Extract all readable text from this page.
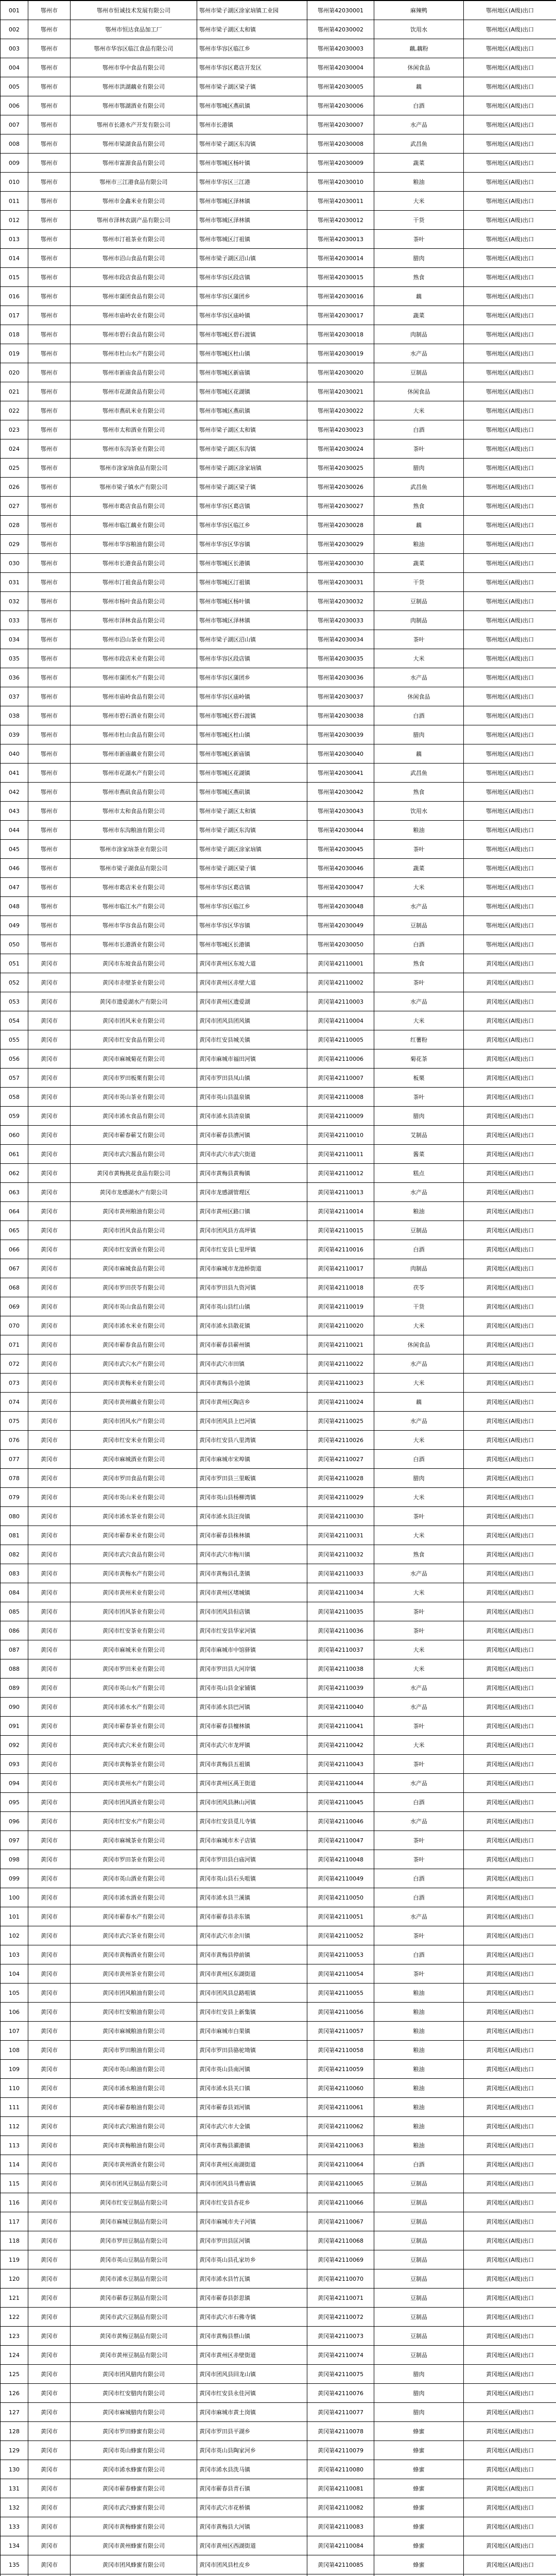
001	鄂州市	鄂州市恒诚技术发展有限公司	鄂州市梁子湖区涂家垴镇工业园	鄂州第42030001	麻辣鸭	鄂州地区(A级)出口
002	鄂州市	鄂州市恒达食品加工厂	鄂州市梁子湖区太和镇	鄂州第42030002	饮用水	鄂州地区(A级)出口
003	鄂州市	鄂州市华容区临江食品有限公司	鄂州市华容区临江乡	鄂州第42030003	藕,藕粉	鄂州地区(A级)出口
004	鄂州市	鄂州市华中食品有限公司	鄂州市华容区葛店开发区	鄂州第42030004	休闲食品	鄂州地区(A级)出口
005	鄂州市	鄂州市洪湖藕业有限公司	鄂州市梁子湖区梁子镇	鄂州第42030005	藕	鄂州地区(A级)出口
006	鄂州市	鄂州市鄂湖酒业有限公司	鄂州市鄂城区燕矶镇	鄂州第42030006	白酒	鄂州地区(A级)出口
007	鄂州市	鄂州市长港水产开发有限公司	鄂州市长港镇	鄂州第42030007	水产品	鄂州地区(A级)出口
008	鄂州市	鄂州市梁湖食品有限公司	鄂州市梁子湖区东沟镇	鄂州第42030008	武昌鱼	鄂州地区(A级)出口
009	鄂州市	鄂州市富源食品有限公司	鄂州市鄂城区杨叶镇	鄂州第42030009	蔬菜	鄂州地区(A级)出口
010	鄂州市	鄂州市三江港食品有限公司	鄂州市华容区三江港	鄂州第42030010	粮油	鄂州地区(A级)出口
011	鄂州市	鄂州市金鑫米业有限公司	鄂州市鄂城区泽林镇	鄂州第42030011	大米	鄂州地区(A级)出口
012	鄂州市	鄂州市泽林农副产品有限公司	鄂州市鄂城区泽林镇	鄂州第42030012	干货	鄂州地区(A级)出口
013	鄂州市	鄂州市汀祖茶业有限公司	鄂州市鄂城区汀祖镇	鄂州第42030013	茶叶	鄂州地区(A级)出口
014	鄂州市	鄂州市沼山食品有限公司	鄂州市梁子湖区沼山镇	鄂州第42030014	腊肉	鄂州地区(A级)出口
015	鄂州市	鄂州市段店食品有限公司	鄂州市华容区段店镇	鄂州第42030015	熟食	鄂州地区(A级)出口
016	鄂州市	鄂州市蒲团食品有限公司	鄂州市华容区蒲团乡	鄂州第42030016	藕	鄂州地区(A级)出口
017	鄂州市	鄂州市庙岭农业有限公司	鄂州市华容区庙岭镇	鄂州第42030017	蔬菜	鄂州地区(A级)出口
018	鄂州市	鄂州市碧石食品有限公司	鄂州市鄂城区碧石渡镇	鄂州第42030018	肉制品	鄂州地区(A级)出口
019	鄂州市	鄂州市杜山水产有限公司	鄂州市鄂城区杜山镇	鄂州第42030019	水产品	鄂州地区(A级)出口
020	鄂州市	鄂州市新庙食品有限公司	鄂州市鄂城区新庙镇	鄂州第42030020	豆制品	鄂州地区(A级)出口
021	鄂州市	鄂州市花湖食品有限公司	鄂州市鄂城区花湖镇	鄂州第42030021	休闲食品	鄂州地区(A级)出口
022	鄂州市	鄂州市燕矶米业有限公司	鄂州市鄂城区燕矶镇	鄂州第42030022	大米	鄂州地区(A级)出口
023	鄂州市	鄂州市太和酒业有限公司	鄂州市梁子湖区太和镇	鄂州第42030023	白酒	鄂州地区(A级)出口
024	鄂州市	鄂州市东沟茶业有限公司	鄂州市梁子湖区东沟镇	鄂州第42030024	茶叶	鄂州地区(A级)出口
025	鄂州市	鄂州市涂家垴食品有限公司	鄂州市梁子湖区涂家垴镇	鄂州第42030025	腊肉	鄂州地区(A级)出口
026	鄂州市	鄂州市梁子镇水产有限公司	鄂州市梁子湖区梁子镇	鄂州第42030026	武昌鱼	鄂州地区(A级)出口
027	鄂州市	鄂州市葛店食品有限公司	鄂州市华容区葛店镇	鄂州第42030027	熟食	鄂州地区(A级)出口
028	鄂州市	鄂州市临江藕业有限公司	鄂州市华容区临江乡	鄂州第42030028	藕	鄂州地区(A级)出口
029	鄂州市	鄂州市华容粮油有限公司	鄂州市华容区华容镇	鄂州第42030029	粮油	鄂州地区(A级)出口
030	鄂州市	鄂州市长港食品有限公司	鄂州市鄂城区长港镇	鄂州第42030030	蔬菜	鄂州地区(A级)出口
031	鄂州市	鄂州市汀祖食品有限公司	鄂州市鄂城区汀祖镇	鄂州第42030031	干货	鄂州地区(A级)出口
032	鄂州市	鄂州市杨叶食品有限公司	鄂州市鄂城区杨叶镇	鄂州第42030032	豆制品	鄂州地区(A级)出口
033	鄂州市	鄂州市泽林食品有限公司	鄂州市鄂城区泽林镇	鄂州第42030033	肉制品	鄂州地区(A级)出口
034	鄂州市	鄂州市沼山茶业有限公司	鄂州市梁子湖区沼山镇	鄂州第42030034	茶叶	鄂州地区(A级)出口
035	鄂州市	鄂州市段店米业有限公司	鄂州市华容区段店镇	鄂州第42030035	大米	鄂州地区(A级)出口
036	鄂州市	鄂州市蒲团水产有限公司	鄂州市华容区蒲团乡	鄂州第42030036	水产品	鄂州地区(A级)出口
037	鄂州市	鄂州市庙岭食品有限公司	鄂州市华容区庙岭镇	鄂州第42030037	休闲食品	鄂州地区(A级)出口
038	鄂州市	鄂州市碧石酒业有限公司	鄂州市鄂城区碧石渡镇	鄂州第42030038	白酒	鄂州地区(A级)出口
039	鄂州市	鄂州市杜山食品有限公司	鄂州市鄂城区杜山镇	鄂州第42030039	腊肉	鄂州地区(A级)出口
040	鄂州市	鄂州市新庙藕业有限公司	鄂州市鄂城区新庙镇	鄂州第42030040	藕	鄂州地区(A级)出口
041	鄂州市	鄂州市花湖水产有限公司	鄂州市鄂城区花湖镇	鄂州第42030041	武昌鱼	鄂州地区(A级)出口
042	鄂州市	鄂州市燕矶食品有限公司	鄂州市鄂城区燕矶镇	鄂州第42030042	熟食	鄂州地区(A级)出口
043	鄂州市	鄂州市太和食品有限公司	鄂州市梁子湖区太和镇	鄂州第42030043	饮用水	鄂州地区(A级)出口
044	鄂州市	鄂州市东沟粮油有限公司	鄂州市梁子湖区东沟镇	鄂州第42030044	粮油	鄂州地区(A级)出口
045	鄂州市	鄂州市涂家垴茶业有限公司	鄂州市梁子湖区涂家垴镇	鄂州第42030045	茶叶	鄂州地区(A级)出口
046	鄂州市	鄂州市梁子湖食品有限公司	鄂州市梁子湖区梁子镇	鄂州第42030046	蔬菜	鄂州地区(A级)出口
047	鄂州市	鄂州市葛店米业有限公司	鄂州市华容区葛店镇	鄂州第42030047	大米	鄂州地区(A级)出口
048	鄂州市	鄂州市临江水产有限公司	鄂州市华容区临江乡	鄂州第42030048	水产品	鄂州地区(A级)出口
049	鄂州市	鄂州市华容食品有限公司	鄂州市华容区华容镇	鄂州第42030049	豆制品	鄂州地区(A级)出口
050	鄂州市	鄂州市长港酒业有限公司	鄂州市鄂城区长港镇	鄂州第42030050	白酒	鄂州地区(A级)出口
051	黄冈市	黄冈市东坡食品有限公司	黄冈市黄州区东坡大道	黄冈第42110001	熟食	黄冈地区(A级)出口
052	黄冈市	黄冈市赤壁茶业有限公司	黄冈市黄州区赤壁大道	黄冈第42110002	茶叶	黄冈地区(A级)出口
053	黄冈市	黄冈市遗爱湖水产有限公司	黄冈市黄州区遗爱湖	黄冈第42110003	水产品	黄冈地区(A级)出口
054	黄冈市	黄冈市团风米业有限公司	黄冈市团风县团风镇	黄冈第42110004	大米	黄冈地区(A级)出口
055	黄冈市	黄冈市红安食品有限公司	黄冈市红安县城关镇	黄冈第42110005	红薯粉	黄冈地区(A级)出口
056	黄冈市	黄冈市麻城菊花有限公司	黄冈市麻城市福田河镇	黄冈第42110006	菊花茶	黄冈地区(A级)出口
057	黄冈市	黄冈市罗田板栗有限公司	黄冈市罗田县凤山镇	黄冈第42110007	板栗	黄冈地区(A级)出口
058	黄冈市	黄冈市英山茶业有限公司	黄冈市英山县温泉镇	黄冈第42110008	茶叶	黄冈地区(A级)出口
059	黄冈市	黄冈市浠水食品有限公司	黄冈市浠水县清泉镇	黄冈第42110009	腊肉	黄冈地区(A级)出口
060	黄冈市	黄冈市蕲春蕲艾有限公司	黄冈市蕲春县漕河镇	黄冈第42110010	艾制品	黄冈地区(A级)出口
061	黄冈市	黄冈市武穴酱品有限公司	黄冈市武穴市武穴街道	黄冈第42110011	酱菜	黄冈地区(A级)出口
062	黄冈市	黄冈市黄梅挑花食品有限公司	黄冈市黄梅县黄梅镇	黄冈第42110012	糕点	黄冈地区(A级)出口
063	黄冈市	黄冈市龙感湖水产有限公司	黄冈市龙感湖管理区	黄冈第42110013	水产品	黄冈地区(A级)出口
064	黄冈市	黄冈市黄州粮油有限公司	黄冈市黄州区路口镇	黄冈第42110014	粮油	黄冈地区(A级)出口
065	黄冈市	黄冈市团风食品有限公司	黄冈市团风县方高坪镇	黄冈第42110015	豆制品	黄冈地区(A级)出口
066	黄冈市	黄冈市红安酒业有限公司	黄冈市红安县七里坪镇	黄冈第42110016	白酒	黄冈地区(A级)出口
067	黄冈市	黄冈市麻城食品有限公司	黄冈市麻城市龙池桥街道	黄冈第42110017	肉制品	黄冈地区(A级)出口
068	黄冈市	黄冈市罗田茯苓有限公司	黄冈市罗田县九资河镇	黄冈第42110018	茯苓	黄冈地区(A级)出口
069	黄冈市	黄冈市英山食品有限公司	黄冈市英山县红山镇	黄冈第42110019	干货	黄冈地区(A级)出口
070	黄冈市	黄冈市浠水米业有限公司	黄冈市浠水县散花镇	黄冈第42110020	大米	黄冈地区(A级)出口
071	黄冈市	黄冈市蕲春食品有限公司	黄冈市蕲春县蕲州镇	黄冈第42110021	休闲食品	黄冈地区(A级)出口
072	黄冈市	黄冈市武穴水产有限公司	黄冈市武穴市田镇	黄冈第42110022	水产品	黄冈地区(A级)出口
073	黄冈市	黄冈市黄梅米业有限公司	黄冈市黄梅县小池镇	黄冈第42110023	大米	黄冈地区(A级)出口
074	黄冈市	黄冈市黄州藕业有限公司	黄冈市黄州区陶店乡	黄冈第42110024	藕	黄冈地区(A级)出口
075	黄冈市	黄冈市团风水产有限公司	黄冈市团风县上巴河镇	黄冈第42110025	水产品	黄冈地区(A级)出口
076	黄冈市	黄冈市红安米业有限公司	黄冈市红安县八里湾镇	黄冈第42110026	大米	黄冈地区(A级)出口
077	黄冈市	黄冈市麻城酒业有限公司	黄冈市麻城市宋埠镇	黄冈第42110027	白酒	黄冈地区(A级)出口
078	黄冈市	黄冈市罗田食品有限公司	黄冈市罗田县三里畈镇	黄冈第42110028	腊肉	黄冈地区(A级)出口
079	黄冈市	黄冈市英山米业有限公司	黄冈市英山县杨柳湾镇	黄冈第42110029	大米	黄冈地区(A级)出口
080	黄冈市	黄冈市浠水茶业有限公司	黄冈市浠水县汪岗镇	黄冈第42110030	茶叶	黄冈地区(A级)出口
081	黄冈市	黄冈市蕲春米业有限公司	黄冈市蕲春县株林镇	黄冈第42110031	大米	黄冈地区(A级)出口
082	黄冈市	黄冈市武穴食品有限公司	黄冈市武穴市梅川镇	黄冈第42110032	熟食	黄冈地区(A级)出口
083	黄冈市	黄冈市黄梅水产有限公司	黄冈市黄梅县孔垄镇	黄冈第42110033	水产品	黄冈地区(A级)出口
084	黄冈市	黄冈市黄州米业有限公司	黄冈市黄州区堵城镇	黄冈第42110034	大米	黄冈地区(A级)出口
085	黄冈市	黄冈市团风茶业有限公司	黄冈市团风县但店镇	黄冈第42110035	茶叶	黄冈地区(A级)出口
086	黄冈市	黄冈市红安茶业有限公司	黄冈市红安县华家河镇	黄冈第42110036	茶叶	黄冈地区(A级)出口
087	黄冈市	黄冈市麻城米业有限公司	黄冈市麻城市中馆驿镇	黄冈第42110037	大米	黄冈地区(A级)出口
088	黄冈市	黄冈市罗田米业有限公司	黄冈市罗田县大河岸镇	黄冈第42110038	大米	黄冈地区(A级)出口
089	黄冈市	黄冈市英山水产有限公司	黄冈市英山县金家铺镇	黄冈第42110039	水产品	黄冈地区(A级)出口
090	黄冈市	黄冈市浠水水产有限公司	黄冈市浠水县巴河镇	黄冈第42110040	水产品	黄冈地区(A级)出口
091	黄冈市	黄冈市蕲春茶业有限公司	黄冈市蕲春县檀林镇	黄冈第42110041	茶叶	黄冈地区(A级)出口
092	黄冈市	黄冈市武穴米业有限公司	黄冈市武穴市龙坪镇	黄冈第42110042	大米	黄冈地区(A级)出口
093	黄冈市	黄冈市黄梅茶业有限公司	黄冈市黄梅县五祖镇	黄冈第42110043	茶叶	黄冈地区(A级)出口
094	黄冈市	黄冈市黄州水产有限公司	黄冈市黄州区禹王街道	黄冈第42110044	水产品	黄冈地区(A级)出口
095	黄冈市	黄冈市团风酒业有限公司	黄冈市团风县淋山河镇	黄冈第42110045	白酒	黄冈地区(A级)出口
096	黄冈市	黄冈市红安水产有限公司	黄冈市红安县觅儿寺镇	黄冈第42110046	水产品	黄冈地区(A级)出口
097	黄冈市	黄冈市麻城茶业有限公司	黄冈市麻城市木子店镇	黄冈第42110047	茶叶	黄冈地区(A级)出口
098	黄冈市	黄冈市罗田茶业有限公司	黄冈市罗田县白庙河镇	黄冈第42110048	茶叶	黄冈地区(A级)出口
099	黄冈市	黄冈市英山酒业有限公司	黄冈市英山县石头咀镇	黄冈第42110049	白酒	黄冈地区(A级)出口
100	黄冈市	黄冈市浠水酒业有限公司	黄冈市浠水县兰溪镇	黄冈第42110050	白酒	黄冈地区(A级)出口
101	黄冈市	黄冈市蕲春水产有限公司	黄冈市蕲春县赤东镇	黄冈第42110051	水产品	黄冈地区(A级)出口
102	黄冈市	黄冈市武穴茶业有限公司	黄冈市武穴市余川镇	黄冈第42110052	茶叶	黄冈地区(A级)出口
103	黄冈市	黄冈市黄梅酒业有限公司	黄冈市黄梅县停前镇	黄冈第42110053	白酒	黄冈地区(A级)出口
104	黄冈市	黄冈市黄州茶业有限公司	黄冈市黄州区东湖街道	黄冈第42110054	茶叶	黄冈地区(A级)出口
105	黄冈市	黄冈市团风粮油有限公司	黄冈市团风县总路咀镇	黄冈第42110055	粮油	黄冈地区(A级)出口
106	黄冈市	黄冈市红安粮油有限公司	黄冈市红安县上新集镇	黄冈第42110056	粮油	黄冈地区(A级)出口
107	黄冈市	黄冈市麻城粮油有限公司	黄冈市麻城市白果镇	黄冈第42110057	粮油	黄冈地区(A级)出口
108	黄冈市	黄冈市罗田粮油有限公司	黄冈市罗田县骆驼坳镇	黄冈第42110058	粮油	黄冈地区(A级)出口
109	黄冈市	黄冈市英山粮油有限公司	黄冈市英山县南河镇	黄冈第42110059	粮油	黄冈地区(A级)出口
110	黄冈市	黄冈市浠水粮油有限公司	黄冈市浠水县关口镇	黄冈第42110060	粮油	黄冈地区(A级)出口
111	黄冈市	黄冈市蕲春粮油有限公司	黄冈市蕲春县刘河镇	黄冈第42110061	粮油	黄冈地区(A级)出口
112	黄冈市	黄冈市武穴粮油有限公司	黄冈市武穴市大金镇	黄冈第42110062	粮油	黄冈地区(A级)出口
113	黄冈市	黄冈市黄梅粮油有限公司	黄冈市黄梅县濯港镇	黄冈第42110063	粮油	黄冈地区(A级)出口
114	黄冈市	黄冈市黄州酒业有限公司	黄冈市黄州区南湖街道	黄冈第42110064	白酒	黄冈地区(A级)出口
115	黄冈市	黄冈市团风豆制品有限公司	黄冈市团风县马曹庙镇	黄冈第42110065	豆制品	黄冈地区(A级)出口
116	黄冈市	黄冈市红安豆制品有限公司	黄冈市红安县杏花乡	黄冈第42110066	豆制品	黄冈地区(A级)出口
117	黄冈市	黄冈市麻城豆制品有限公司	黄冈市麻城市夫子河镇	黄冈第42110067	豆制品	黄冈地区(A级)出口
118	黄冈市	黄冈市罗田豆制品有限公司	黄冈市罗田县匡河镇	黄冈第42110068	豆制品	黄冈地区(A级)出口
119	黄冈市	黄冈市英山豆制品有限公司	黄冈市英山县孔家坊乡	黄冈第42110069	豆制品	黄冈地区(A级)出口
120	黄冈市	黄冈市浠水豆制品有限公司	黄冈市浠水县竹瓦镇	黄冈第42110070	豆制品	黄冈地区(A级)出口
121	黄冈市	黄冈市蕲春豆制品有限公司	黄冈市蕲春县彭思镇	黄冈第42110071	豆制品	黄冈地区(A级)出口
122	黄冈市	黄冈市武穴豆制品有限公司	黄冈市武穴市石佛寺镇	黄冈第42110072	豆制品	黄冈地区(A级)出口
123	黄冈市	黄冈市黄梅豆制品有限公司	黄冈市黄梅县蔡山镇	黄冈第42110073	豆制品	黄冈地区(A级)出口
124	黄冈市	黄冈市黄州豆制品有限公司	黄冈市黄州区赤壁街道	黄冈第42110074	豆制品	黄冈地区(A级)出口
125	黄冈市	黄冈市团风腊肉有限公司	黄冈市团风县回龙山镇	黄冈第42110075	腊肉	黄冈地区(A级)出口
126	黄冈市	黄冈市红安腊肉有限公司	黄冈市红安县永佳河镇	黄冈第42110076	腊肉	黄冈地区(A级)出口
127	黄冈市	黄冈市麻城腊肉有限公司	黄冈市麻城市黄土岗镇	黄冈第42110077	腊肉	黄冈地区(A级)出口
128	黄冈市	黄冈市罗田蜂蜜有限公司	黄冈市罗田县平湖乡	黄冈第42110078	蜂蜜	黄冈地区(A级)出口
129	黄冈市	黄冈市英山蜂蜜有限公司	黄冈市英山县陶家河乡	黄冈第42110079	蜂蜜	黄冈地区(A级)出口
130	黄冈市	黄冈市浠水蜂蜜有限公司	黄冈市浠水县洗马镇	黄冈第42110080	蜂蜜	黄冈地区(A级)出口
131	黄冈市	黄冈市蕲春蜂蜜有限公司	黄冈市蕲春县青石镇	黄冈第42110081	蜂蜜	黄冈地区(A级)出口
132	黄冈市	黄冈市武穴蜂蜜有限公司	黄冈市武穴市花桥镇	黄冈第42110082	蜂蜜	黄冈地区(A级)出口
133	黄冈市	黄冈市黄梅蜂蜜有限公司	黄冈市黄梅县大河镇	黄冈第42110083	蜂蜜	黄冈地区(A级)出口
134	黄冈市	黄冈市黄州蜂蜜有限公司	黄冈市黄州区西湖街道	黄冈第42110084	蜂蜜	黄冈地区(A级)出口
135	黄冈市	黄冈市团风蜂蜜有限公司	黄冈市团风县杜皮乡	黄冈第42110085	蜂蜜	黄冈地区(A级)出口
